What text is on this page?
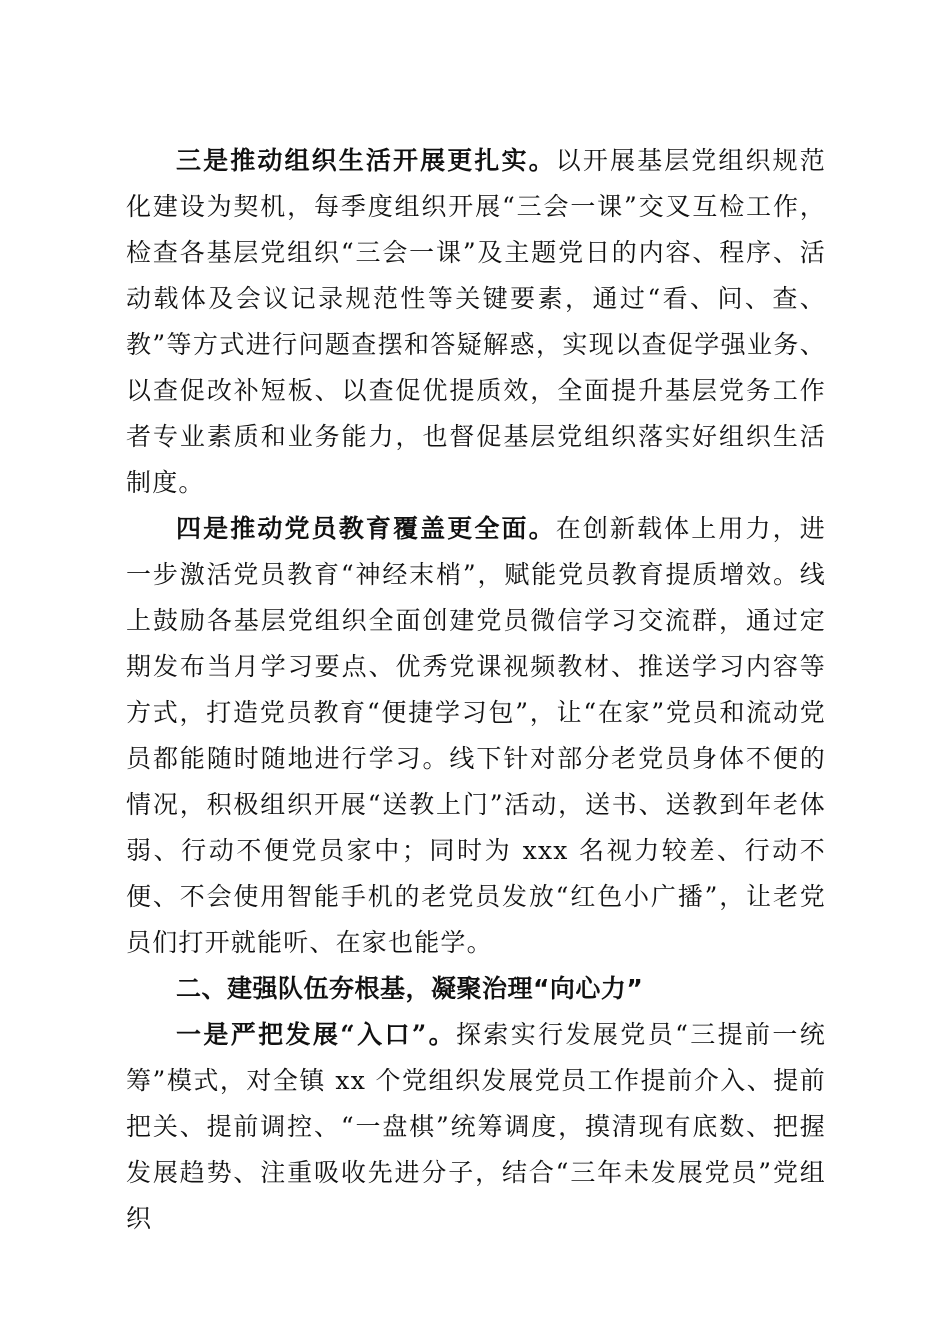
三是推动组织生活开展更扎实。以开展基层党组织规范化建设为契机，每季度组织开展“三会一课”交叉互检工作，检查各基层党组织“三会一课”及主题党日的内容、程序、活动载体及会议记录规范性等关键要素，通过“看、问、查、教”等方式进行问题查摆和答疑解惑，实现以查促学强业务、以查促改补短板、以查促优提质效，全面提升基层党务工作者专业素质和业务能力，也督促基层党组织落实好组织生活制度。

四是推动党员教育覆盖更全面。在创新载体上用力，进一步激活党员教育“神经末梢”，赋能党员教育提质增效。线上鼓励各基层党组织全面创建党员微信学习交流群，通过定期发布当月学习要点、优秀党课视频教材、推送学习内容等方式，打造党员教育“便捷学习包”，让“在家”党员和流动党员都能随时随地进行学习。线下针对部分老党员身体不便的情况，积极组织开展“送教上门”活动，送书、送教到年老体弱、行动不便党员家中；同时为 xxx 名视力较差、行动不便、不会使用智能手机的老党员发放“红色小广播”，让老党员们打开就能听、在家也能学。

二、建强队伍夯根基，凝聚治理“向心力”

一是严把发展“入口”。探索实行发展党员“三提前一统筹”模式，对全镇 xx 个党组织发展党员工作提前介入、提前把关、提前调控、“一盘棋”统筹调度，摸清现有底数、把握发展趋势、注重吸收先进分子，结合“三年未发展党员”党组织
